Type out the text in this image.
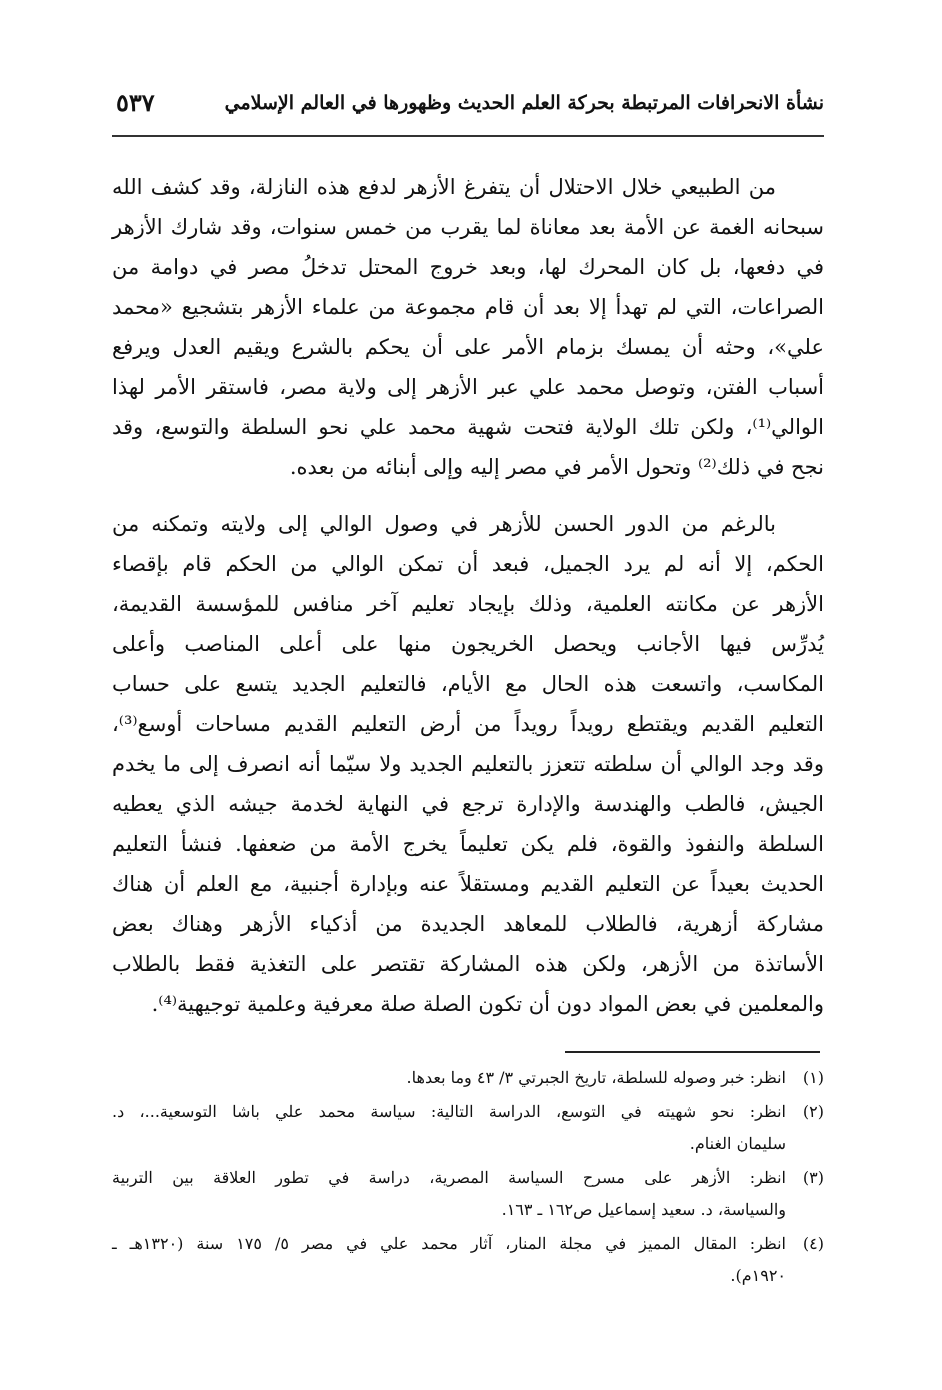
نشأة الانحرافات المرتبطة بحركة العلم الحديث وظهورها في العالم الإسلامي
٥٣٧
من الطبيعي خلال الاحتلال أن يتفرغ الأزهر لدفع هذه النازلة، وقد كشف الله
سبحانه الغمة عن الأمة بعد معاناة لما يقرب من خمس سنوات، وقد شارك الأزهر
في دفعها، بل كان المحرك لها، وبعد خروج المحتل تدخلُ مصر في دوامة من
الصراعات، التي لم تهدأ إلا بعد أن قام مجموعة من علماء الأزهر بتشجيع «محمد
علي»، وحثه أن يمسك بزمام الأمر على أن يحكم بالشرع ويقيم العدل ويرفع
أسباب الفتن، وتوصل محمد علي عبر الأزهر إلى ولاية مصر، فاستقر الأمر لهذا
الوالي⁽¹⁾، ولكن تلك الولاية فتحت شهية محمد علي نحو السلطة والتوسع، وقد
نجح في ذلك⁽²⁾ وتحول الأمر في مصر إليه وإلى أبنائه من بعده.
بالرغم من الدور الحسن للأزهر في وصول الوالي إلى ولايته وتمكنه من
الحكم، إلا أنه لم يرد الجميل، فبعد أن تمكن الوالي من الحكم قام بإقصاء
الأزهر عن مكانته العلمية، وذلك بإيجاد تعليم آخر منافس للمؤسسة القديمة،
يُدرِّس فيها الأجانب ويحصل الخريجون منها على أعلى المناصب وأعلى
المكاسب، واتسعت هذه الحال مع الأيام، فالتعليم الجديد يتسع على حساب
التعليم القديم ويقتطع رويداً رويداً من أرض التعليم القديم مساحات أوسع⁽³⁾،
وقد وجد الوالي أن سلطته تتعزز بالتعليم الجديد ولا سيّما أنه انصرف إلى ما يخدم
الجيش، فالطب والهندسة والإدارة ترجع في النهاية لخدمة جيشه الذي يعطيه
السلطة والنفوذ والقوة، فلم يكن تعليماً يخرج الأمة من ضعفها. فنشأ التعليم
الحديث بعيداً عن التعليم القديم ومستقلاً عنه وبإدارة أجنبية، مع العلم أن هناك
مشاركة أزهرية، فالطلاب للمعاهد الجديدة من أذكياء الأزهر وهناك بعض
الأساتذة من الأزهر، ولكن هذه المشاركة تقتصر على التغذية فقط بالطلاب
والمعلمين في بعض المواد دون أن تكون الصلة صلة معرفية وعلمية توجيهية⁽⁴⁾.
(١)
انظر: خبر وصوله للسلطة، تاريخ الجبرتي ٣/ ٤٣ وما بعدها.
(٢)
انظر: نحو شهيته في التوسع، الدراسة التالية: سياسة محمد علي باشا التوسعية...، د.
سليمان الغنام.
(٣)
انظر: الأزهر على مسرح السياسة المصرية، دراسة في تطور العلاقة بين التربية
والسياسة، د. سعيد إسماعيل ص١٦٢ ـ ١٦٣.
(٤)
انظر: المقال المميز في مجلة المنار، آثار محمد علي في مصر ٥/ ١٧٥ سنة (١٣٢٠هـ ـ
١٩٢٠م).
